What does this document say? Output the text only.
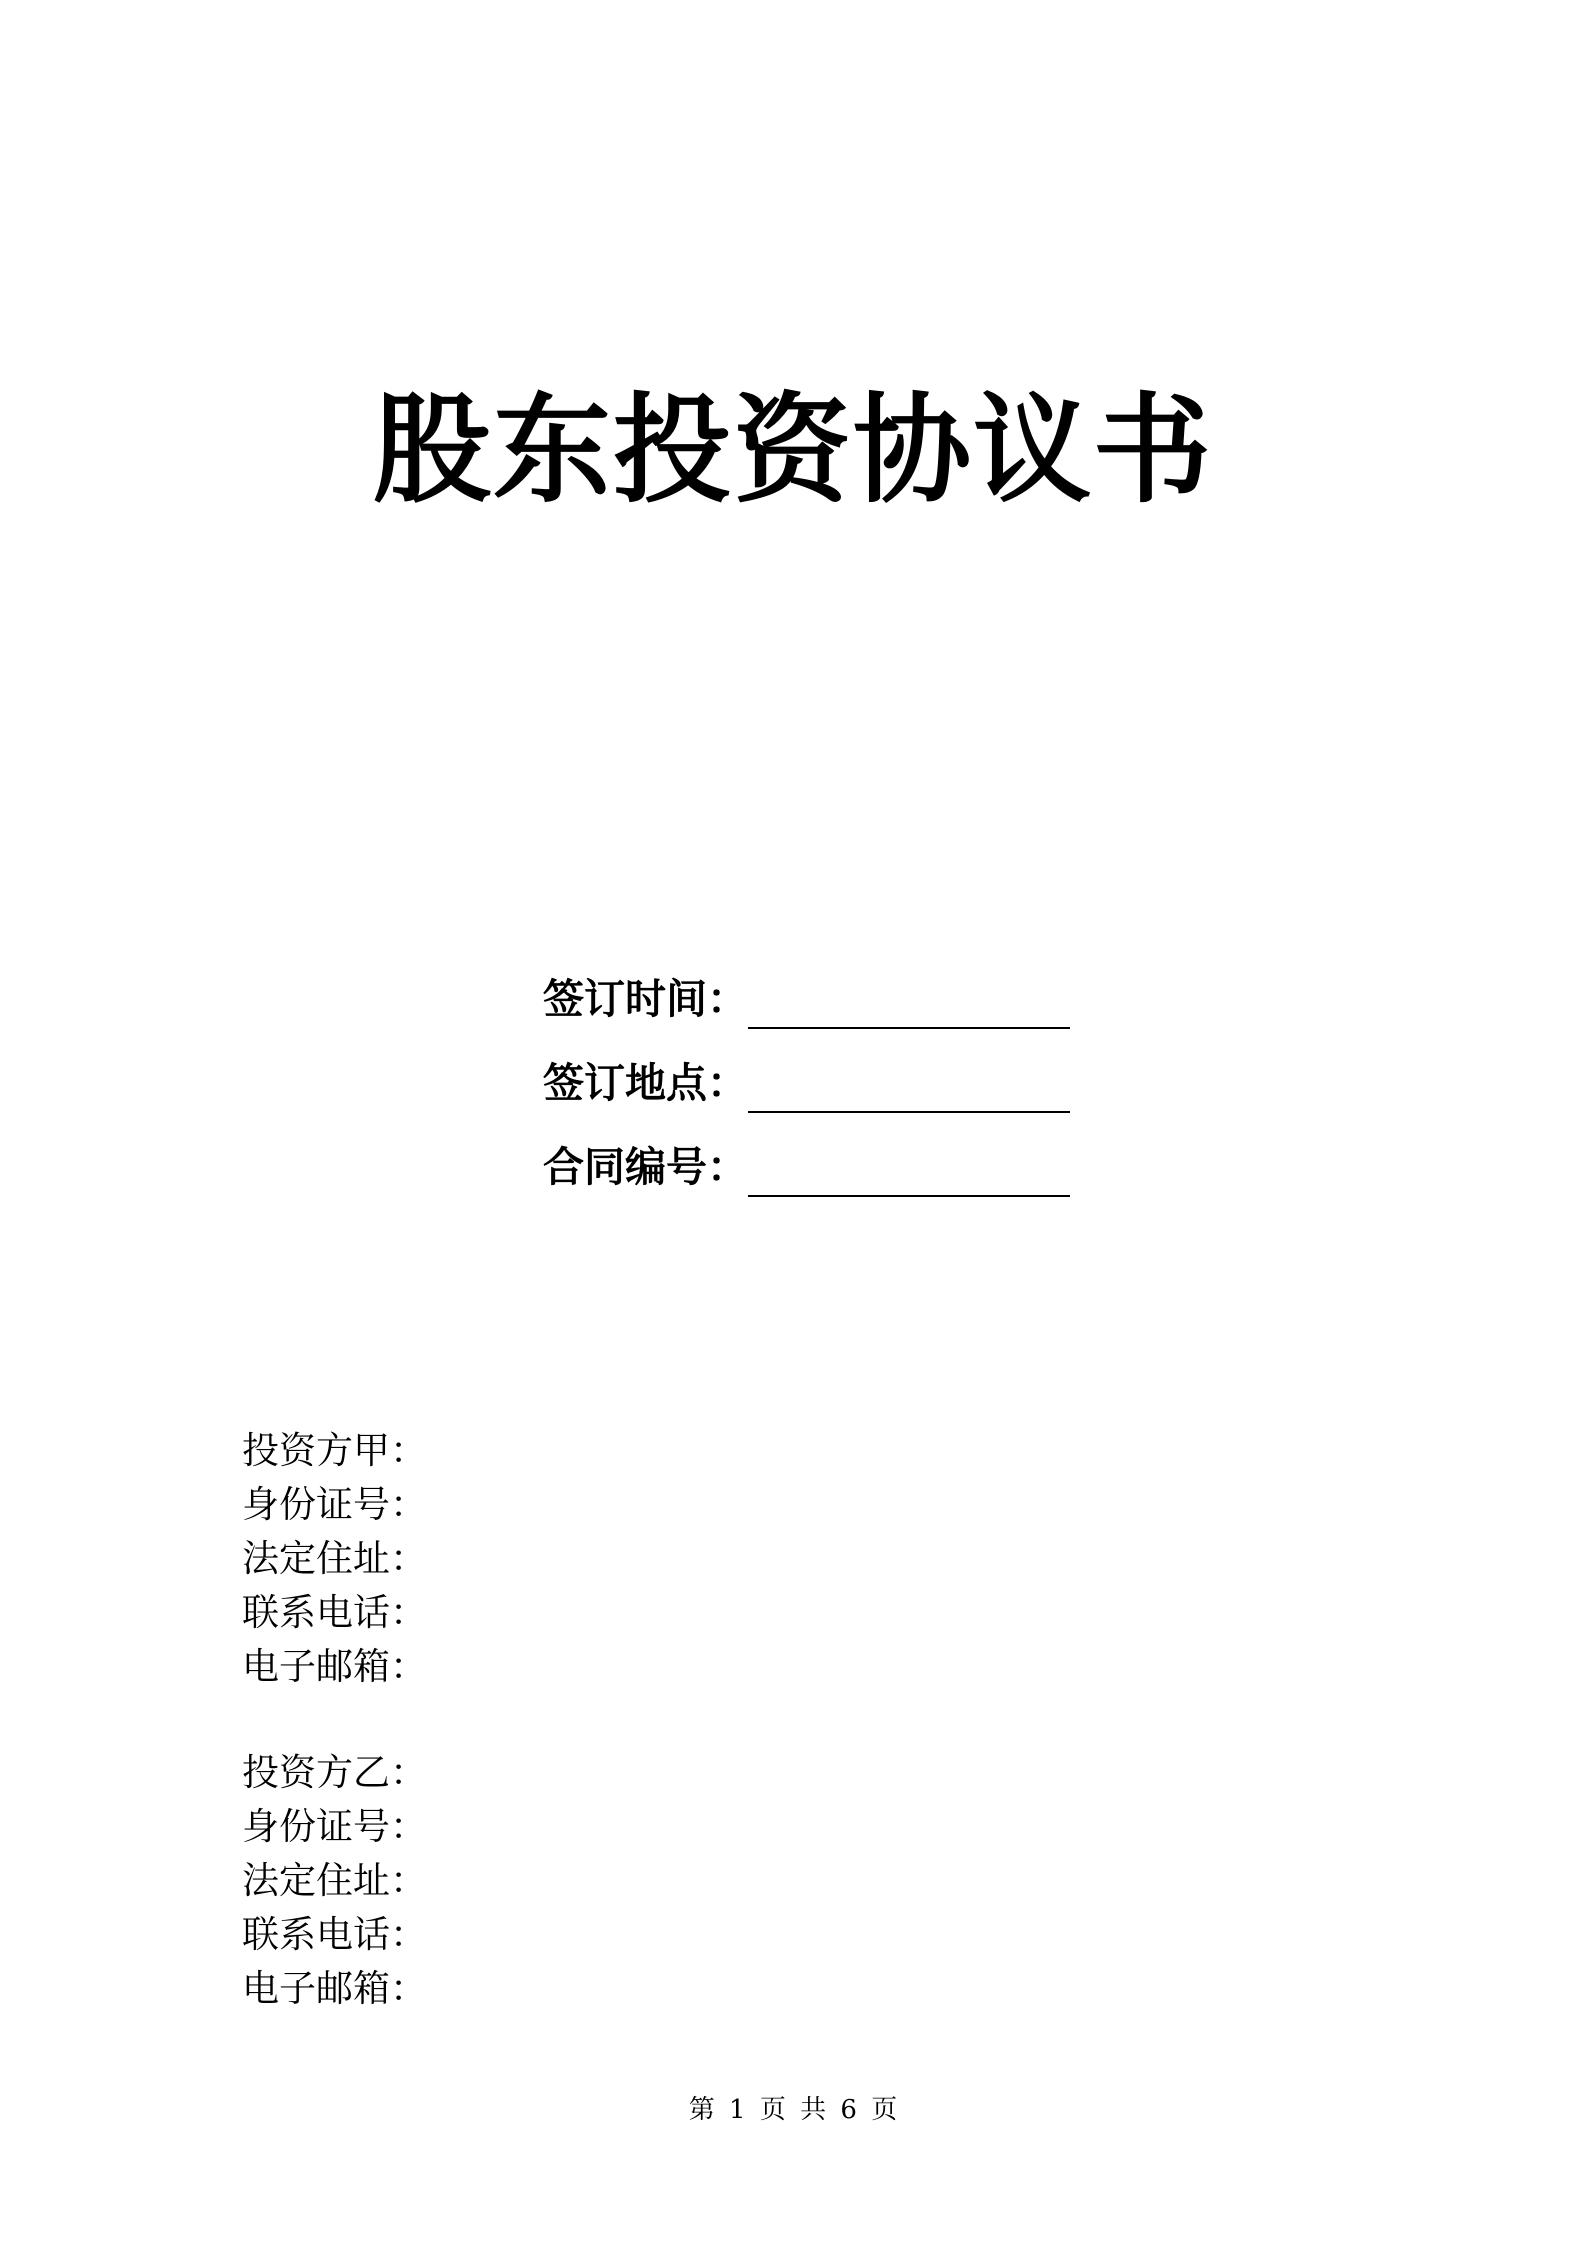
股东投资协议书
签订时间：
签订地点：
合同编号：
投资方甲：
身份证号：
法定住址：
联系电话：
电子邮箱：
投资方乙：
身份证号：
法定住址：
联系电话：
电子邮箱：
第 1 页 共 6 页
